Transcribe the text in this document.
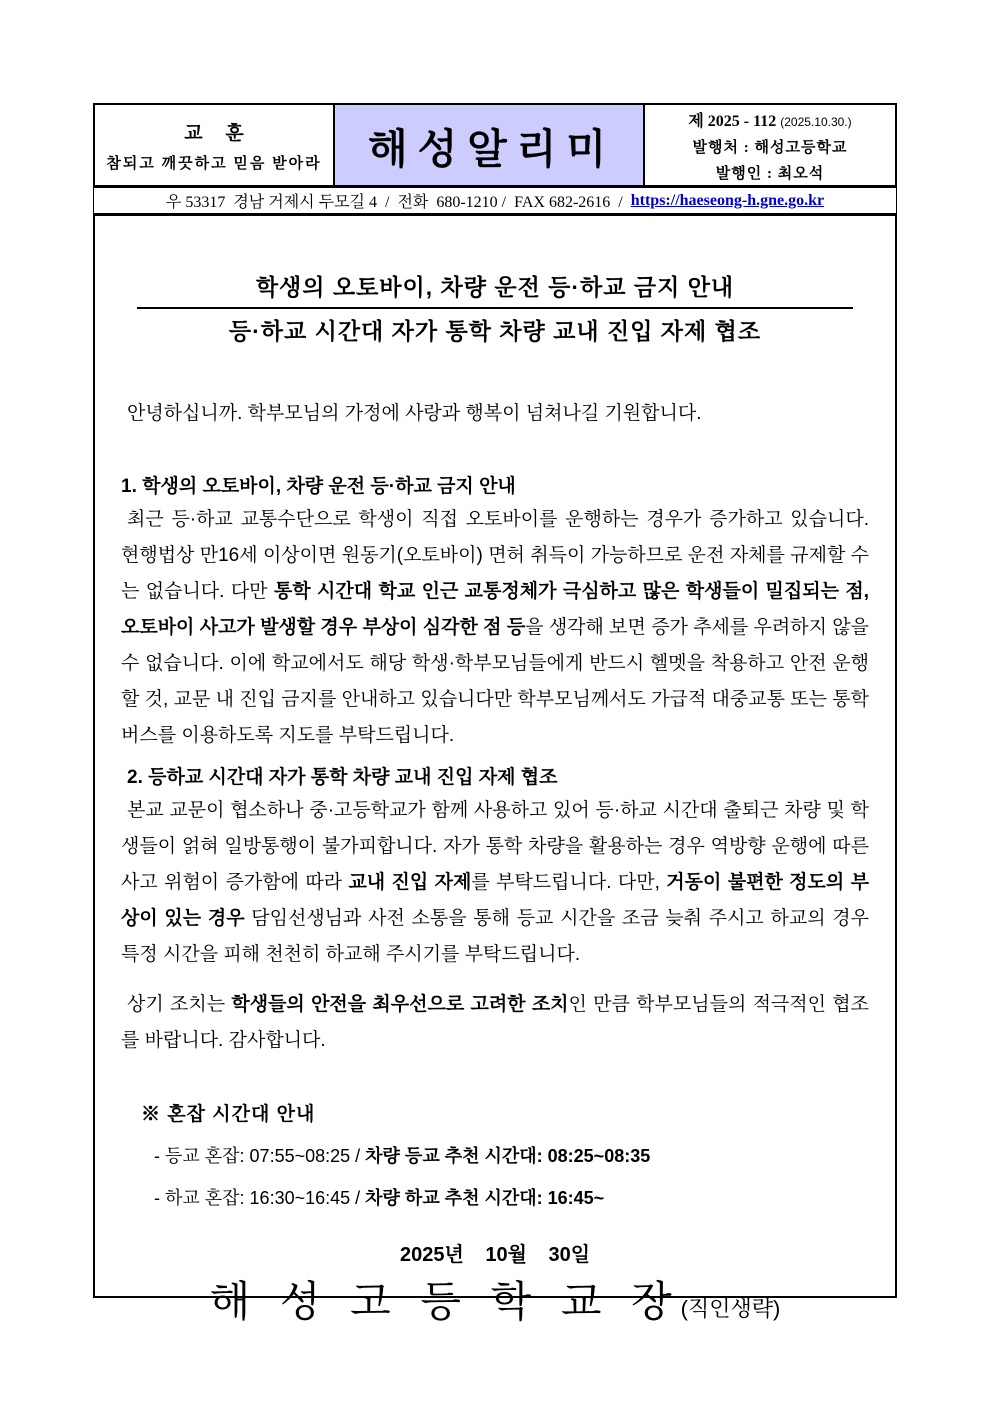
교 훈
참되고 깨끗하고 믿음 받아라	해성알리미
제 2025 - 112 (2025.10.30.)
발행처 : 해성고등학교
발행인 : 최오석
우 53317  경남 거제시 두모길 4  /  전화  680-1210 /  FAX 682-2616  / https://haeseong-h.gne.go.kr
학생의 오토바이, 차량 운전 등·하교 금지 안내
등·하교 시간대 자가 통학 차량 교내 진입 자제 협조

안녕하십니까. 학부모님의 가정에 사랑과 행복이 넘쳐나길 기원합니다.

1. 학생의 오토바이, 차량 운전 등·하교 금지 안내

최근 등·하교 교통수단으로 학생이 직접 오토바이를 운행하는 경우가 증가하고 있습니다. 현행법상 만16세 이상이면 원동기(오토바이) 면허 취득이 가능하므로 운전 자체를 규제할 수는 없습니다. 다만 통학 시간대 학교 인근 교통정체가 극심하고 많은 학생들이 밀집되는 점, 오토바이 사고가 발생할 경우 부상이 심각한 점 등을 생각해 보면 증가 추세를 우려하지 않을 수 없습니다. 이에 학교에서도 해당 학생·학부모님들에게 반드시 헬멧을 착용하고 안전 운행할 것, 교문 내 진입 금지를 안내하고 있습니다만 학부모님께서도 가급적 대중교통 또는 통학버스를 이용하도록 지도를 부탁드립니다.

2. 등하교 시간대 자가 통학 차량 교내 진입 자제 협조

본교 교문이 협소하나 중·고등학교가 함께 사용하고 있어 등·하교 시간대 출퇴근 차량 및 학생들이 얽혀 일방통행이 불가피합니다. 자가 통학 차량을 활용하는 경우 역방향 운행에 따른 사고 위험이 증가함에 따라 교내 진입 자제를 부탁드립니다. 다만, 거동이 불편한 정도의 부상이 있는 경우 담임선생님과 사전 소통을 통해 등교 시간을 조금 늦춰 주시고 하교의 경우 특정 시간을 피해 천천히 하교해 주시기를 부탁드립니다.

상기 조치는 학생들의 안전을 최우선으로 고려한 조치인 만큼 학부모님들의 적극적인 협조를 바랍니다. 감사합니다.

※ 혼잡 시간대 안내
- 등교 혼잡: 07:55~08:25 / 차량 등교 추천 시간대: 08:25~08:35
- 하교 혼잡: 16:30~16:45 / 차량 하교 추천 시간대: 16:45~
2025년 10월 30일
해 성 고 등 학 교 장(직인생략)
